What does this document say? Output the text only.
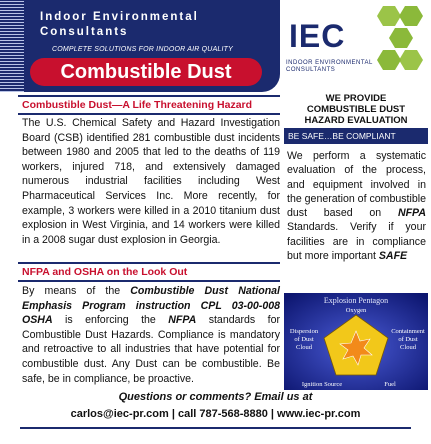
Indoor Environmental
Consultants
COMPLETE SOLUTIONS FOR INDOOR AIR QUALITY
Combustible Dust
IEC
INDOOR ENVIRONMENTAL
CONSULTANTS
Combustible Dust—A Life Threatening Hazard
The U.S. Chemical Safety and Hazard Investigation Board (CSB) identified 281 combustible dust incidents between 1980 and 2005 that led to the deaths of 119 workers, injured 718, and extensively damaged numerous industrial facilities including West Pharmaceutical Services Inc. More recently, for example, 3 workers were killed in a 2010 titanium dust explosion in West Virginia, and 14 workers were killed in a 2008 sugar dust explosion in Georgia.
NFPA and OSHA on the Look Out
By means of the Combustible Dust National Emphasis Program instruction CPL 03-00-008 OSHA is enforcing the NFPA standards for Combustible Dust Hazards. Compliance is mandatory and retroactive to all industries that have potential for combustible dust. Any Dust can be combustible. Be safe, be in compliance, be proactive.
WE PROVIDE
COMBUSTIBLE DUST
HAZARD EVALUATION
BE SAFE…BE COMPLIANT
We perform a systematic evaluation of the process, and equipment involved in the generation of combustible dust based on NFPA Standards. Verify if your facilities are in compliance but more important SAFE
Explosion Pentagon
Oxygen
Dispersion
of Dust
Cloud
Containment
of Dust
Cloud
Ignition Source	Fuel
Questions or comments? Email us at
carlos@iec-pr.com | call 787-568-8880 | www.iec-pr.com
